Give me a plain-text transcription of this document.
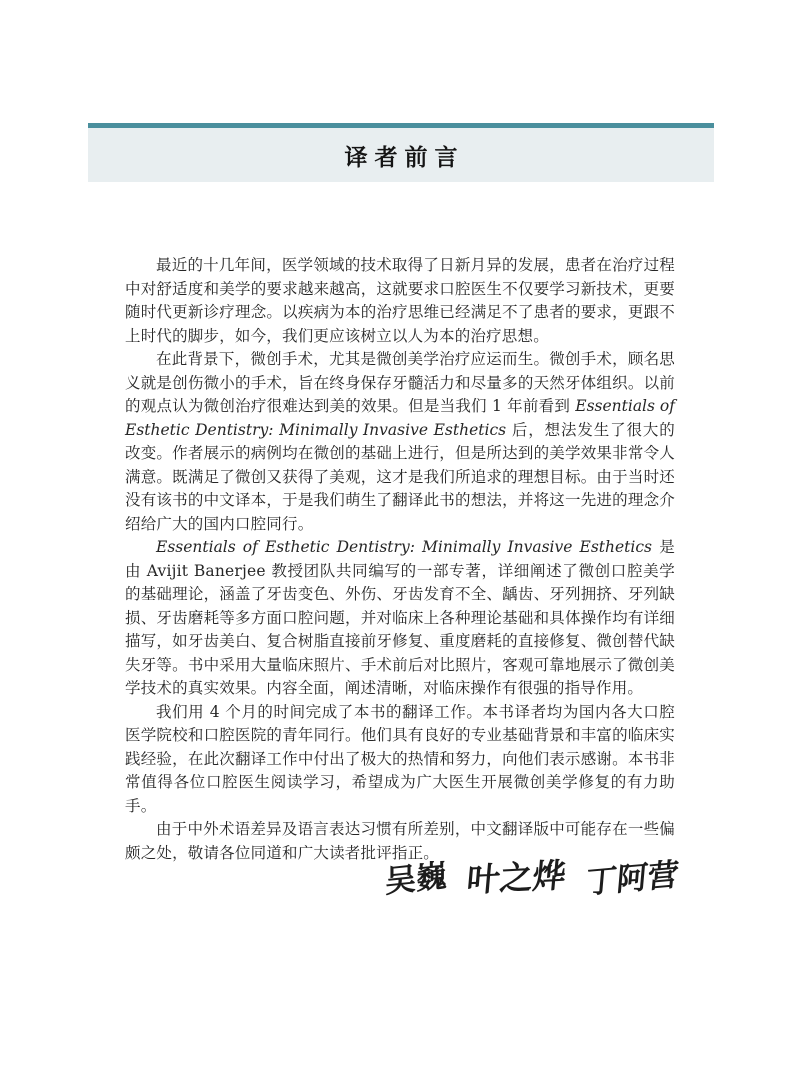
译者前言

最近的十几年间，医学领域的技术取得了日新月异的发展，患者在治疗过程中对舒适度和美学的要求越来越高，这就要求口腔医生不仅要学习新技术，更要随时代更新诊疗理念。以疾病为本的治疗思维已经满足不了患者的要求，更跟不上时代的脚步，如今，我们更应该树立以人为本的治疗思想。

在此背景下，微创手术，尤其是微创美学治疗应运而生。微创手术，顾名思义就是创伤微小的手术，旨在终身保存牙髓活力和尽量多的天然牙体组织。以前的观点认为微创治疗很难达到美的效果。但是当我们 1 年前看到 Essentials of Esthetic Dentistry: Minimally Invasive Esthetics 后，想法发生了很大的改变。作者展示的病例均在微创的基础上进行，但是所达到的美学效果非常令人满意。既满足了微创又获得了美观，这才是我们所追求的理想目标。由于当时还没有该书的中文译本，于是我们萌生了翻译此书的想法，并将这一先进的理念介绍给广大的国内口腔同行。

Essentials of Esthetic Dentistry: Minimally Invasive Esthetics 是由 Avijit Banerjee 教授团队共同编写的一部专著，详细阐述了微创口腔美学的基础理论，涵盖了牙齿变色、外伤、牙齿发育不全、龋齿、牙列拥挤、牙列缺损、牙齿磨耗等多方面口腔问题，并对临床上各种理论基础和具体操作均有详细描写，如牙齿美白、复合树脂直接前牙修复、重度磨耗的直接修复、微创替代缺失牙等。书中采用大量临床照片、手术前后对比照片，客观可靠地展示了微创美学技术的真实效果。内容全面，阐述清晰，对临床操作有很强的指导作用。

我们用 4 个月的时间完成了本书的翻译工作。本书译者均为国内各大口腔医学院校和口腔医院的青年同行。他们具有良好的专业基础背景和丰富的临床实践经验，在此次翻译工作中付出了极大的热情和努力，向他们表示感谢。本书非常值得各位口腔医生阅读学习，希望成为广大医生开展微创美学修复的有力助手。

由于中外术语差异及语言表达习惯有所差别，中文翻译版中可能存在一些偏颇之处，敬请各位同道和广大读者批评指正。

吴巍 叶之烨 丁阿营
